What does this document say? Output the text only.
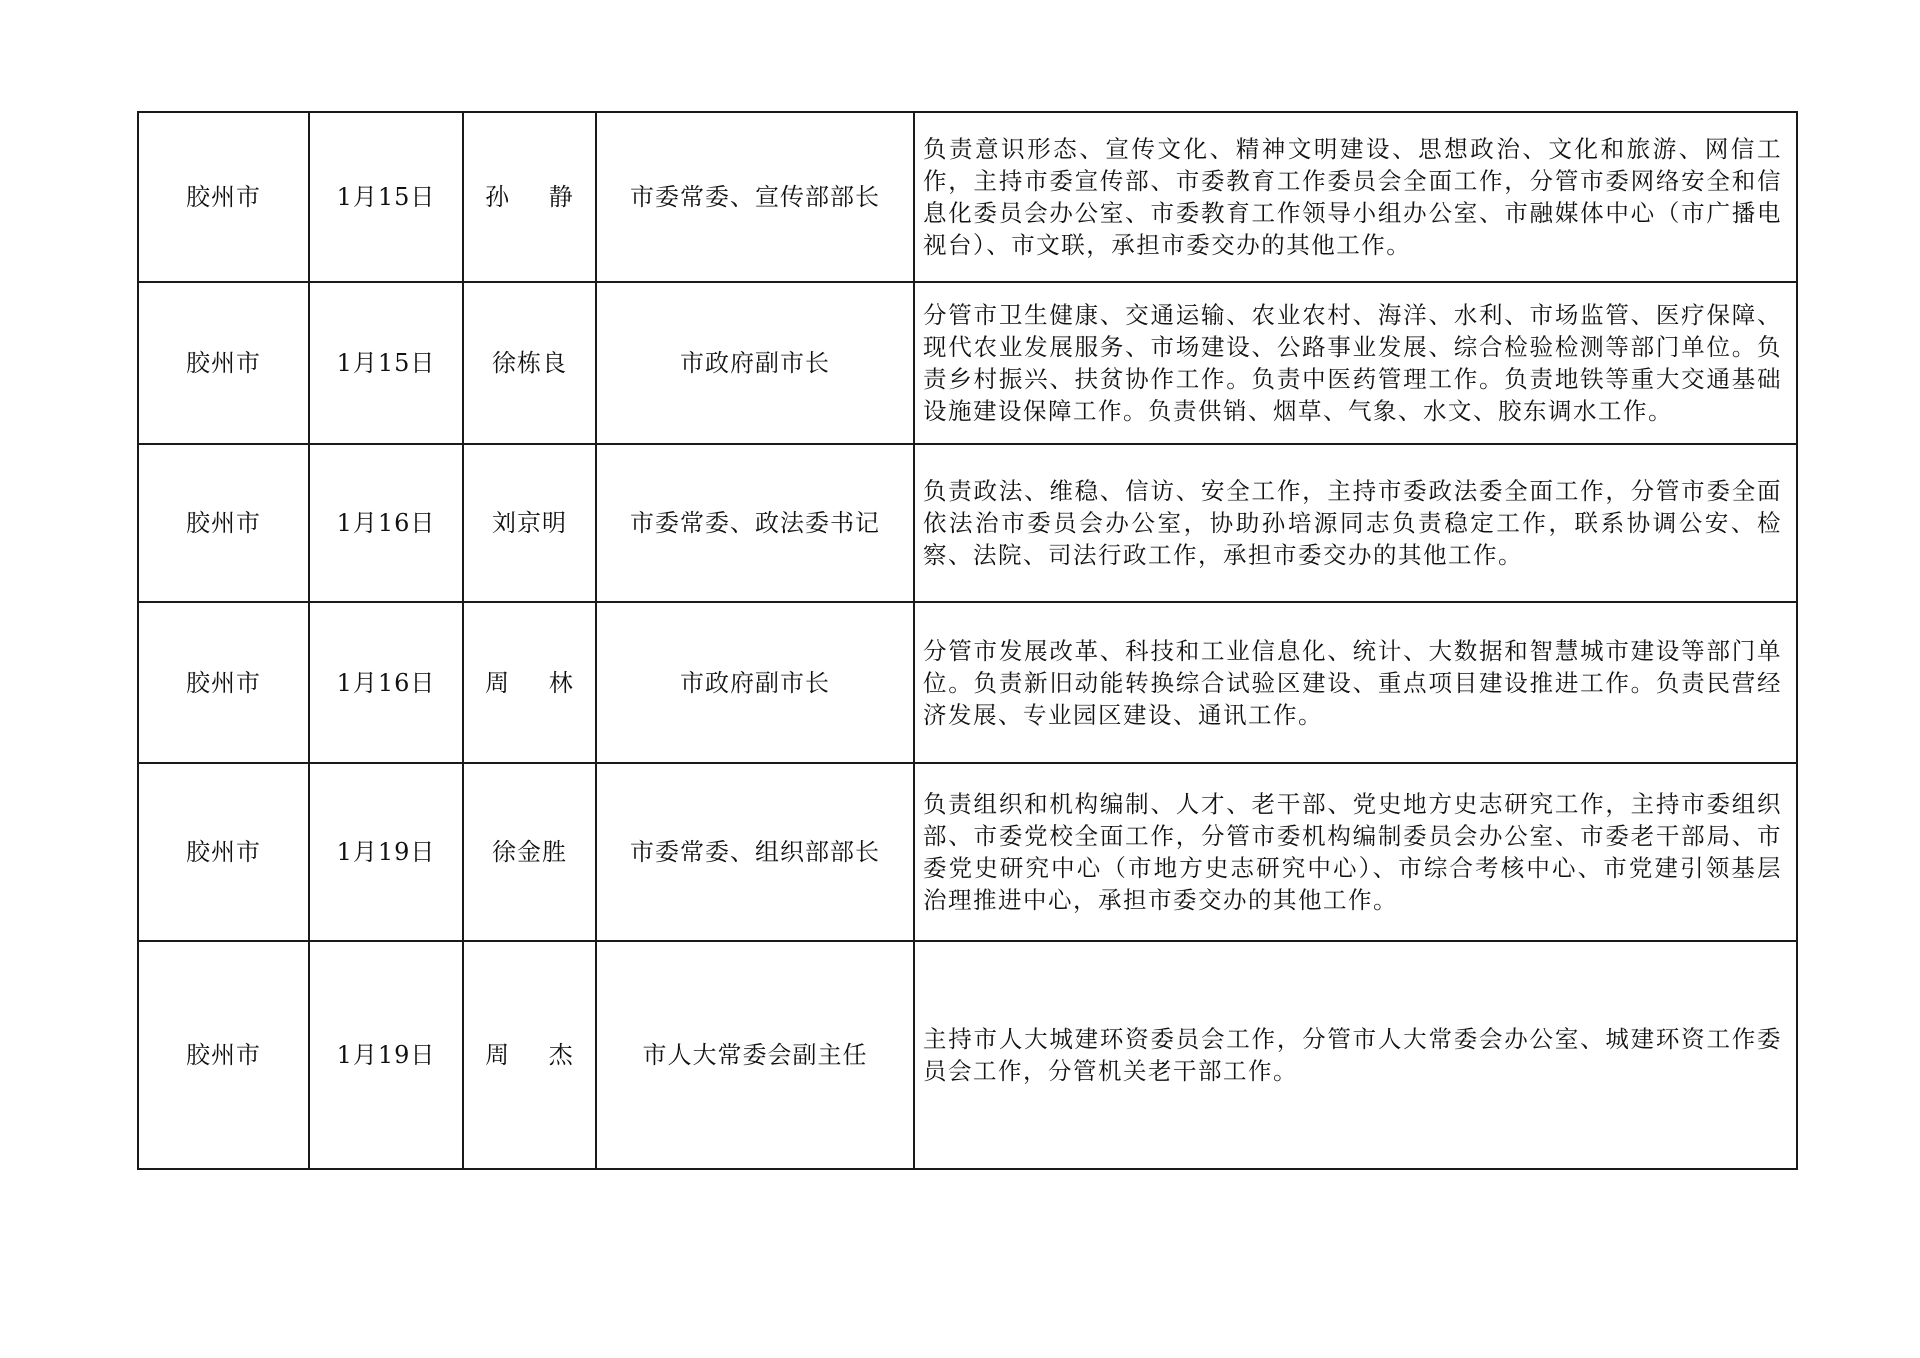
胶州市	1月15日	孙 静	市委常委、宣传部部长	负责意识形态、宣传文化、精神文明建设、思想政治、文化和旅游、网信工作，主持市委宣传部、市委教育工作委员会全面工作，分管市委网络安全和信息化委员会办公室、市委教育工作领导小组办公室、市融媒体中心（市广播电视台）、市文联，承担市委交办的其他工作。
胶州市	1月15日	徐栋良	市政府副市长	分管市卫生健康、交通运输、农业农村、海洋、水利、市场监管、医疗保障、现代农业发展服务、市场建设、公路事业发展、综合检验检测等部门单位。负责乡村振兴、扶贫协作工作。负责中医药管理工作。负责地铁等重大交通基础设施建设保障工作。负责供销、烟草、气象、水文、胶东调水工作。
胶州市	1月16日	刘京明	市委常委、政法委书记	负责政法、维稳、信访、安全工作，主持市委政法委全面工作，分管市委全面依法治市委员会办公室，协助孙培源同志负责稳定工作，联系协调公安、检察、法院、司法行政工作，承担市委交办的其他工作。
胶州市	1月16日	周 林	市政府副市长	分管市发展改革、科技和工业信息化、统计、大数据和智慧城市建设等部门单位。负责新旧动能转换综合试验区建设、重点项目建设推进工作。负责民营经济发展、专业园区建设、通讯工作。
胶州市	1月19日	徐金胜	市委常委、组织部部长	负责组织和机构编制、人才、老干部、党史地方史志研究工作，主持市委组织部、市委党校全面工作，分管市委机构编制委员会办公室、市委老干部局、市委党史研究中心（市地方史志研究中心）、市综合考核中心、市党建引领基层治理推进中心，承担市委交办的其他工作。
胶州市	1月19日	周 杰	市人大常委会副主任	主持市人大城建环资委员会工作，分管市人大常委会办公室、城建环资工作委员会工作，分管机关老干部工作。
